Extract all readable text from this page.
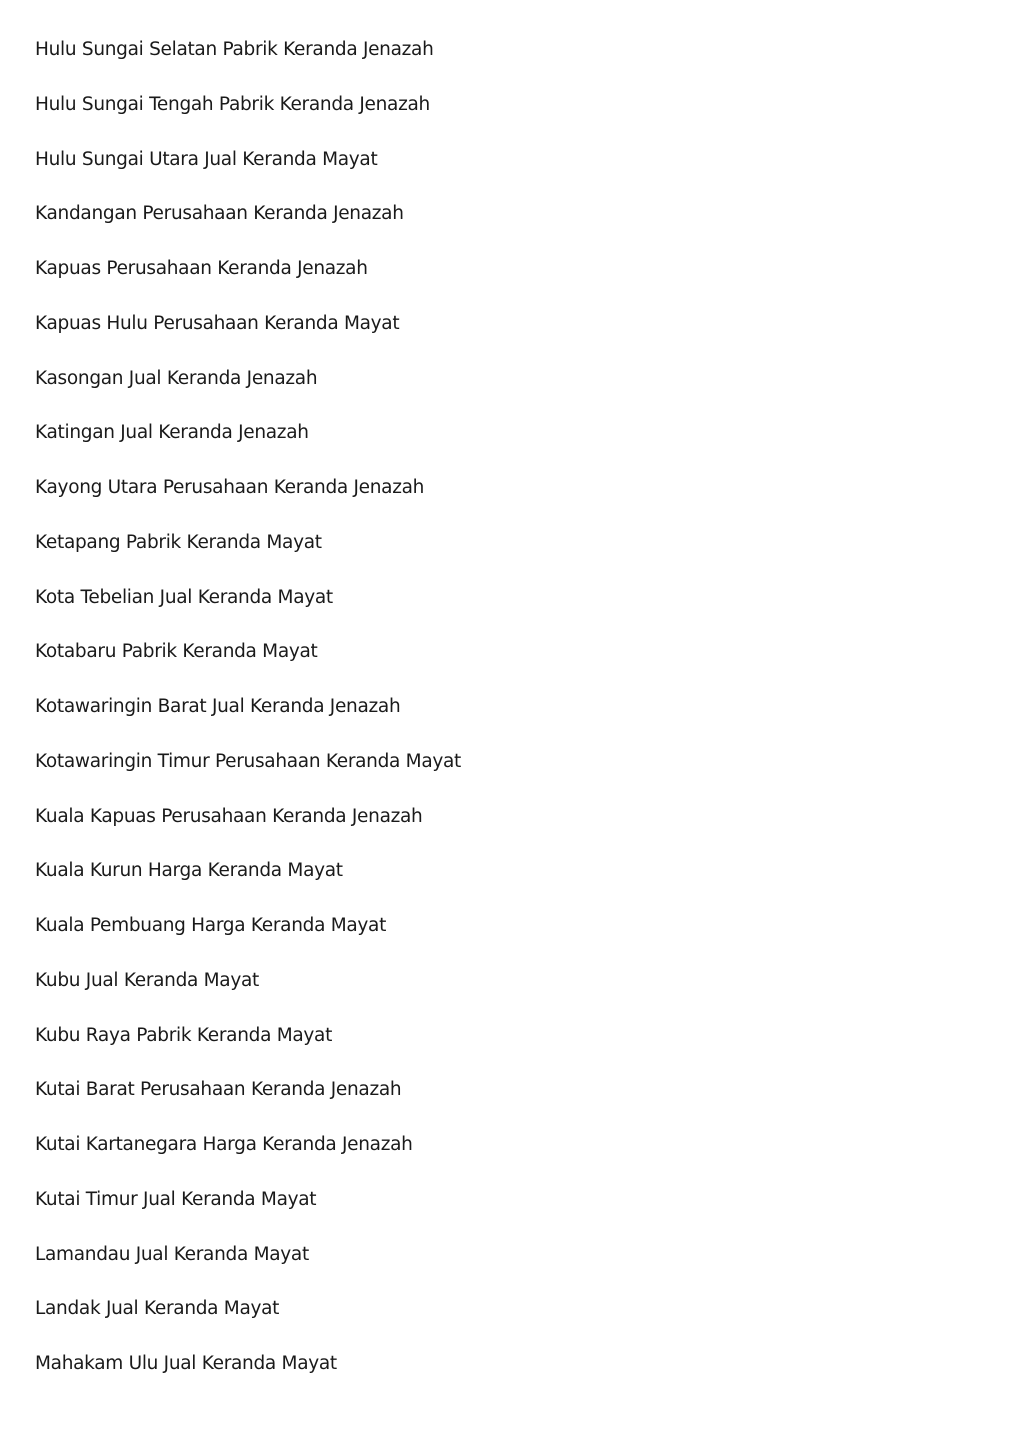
Hulu Sungai Selatan Pabrik Keranda Jenazah
Hulu Sungai Tengah Pabrik Keranda Jenazah
Hulu Sungai Utara Jual Keranda Mayat
Kandangan Perusahaan Keranda Jenazah
Kapuas Perusahaan Keranda Jenazah
Kapuas Hulu Perusahaan Keranda Mayat
Kasongan Jual Keranda Jenazah
Katingan Jual Keranda Jenazah
Kayong Utara Perusahaan Keranda Jenazah
Ketapang Pabrik Keranda Mayat
Kota Tebelian Jual Keranda Mayat
Kotabaru Pabrik Keranda Mayat
Kotawaringin Barat Jual Keranda Jenazah
Kotawaringin Timur Perusahaan Keranda Mayat
Kuala Kapuas Perusahaan Keranda Jenazah
Kuala Kurun Harga Keranda Mayat
Kuala Pembuang Harga Keranda Mayat
Kubu Jual Keranda Mayat
Kubu Raya Pabrik Keranda Mayat
Kutai Barat Perusahaan Keranda Jenazah
Kutai Kartanegara Harga Keranda Jenazah
Kutai Timur Jual Keranda Mayat
Lamandau Jual Keranda Mayat
Landak Jual Keranda Mayat
Mahakam Ulu Jual Keranda Mayat
